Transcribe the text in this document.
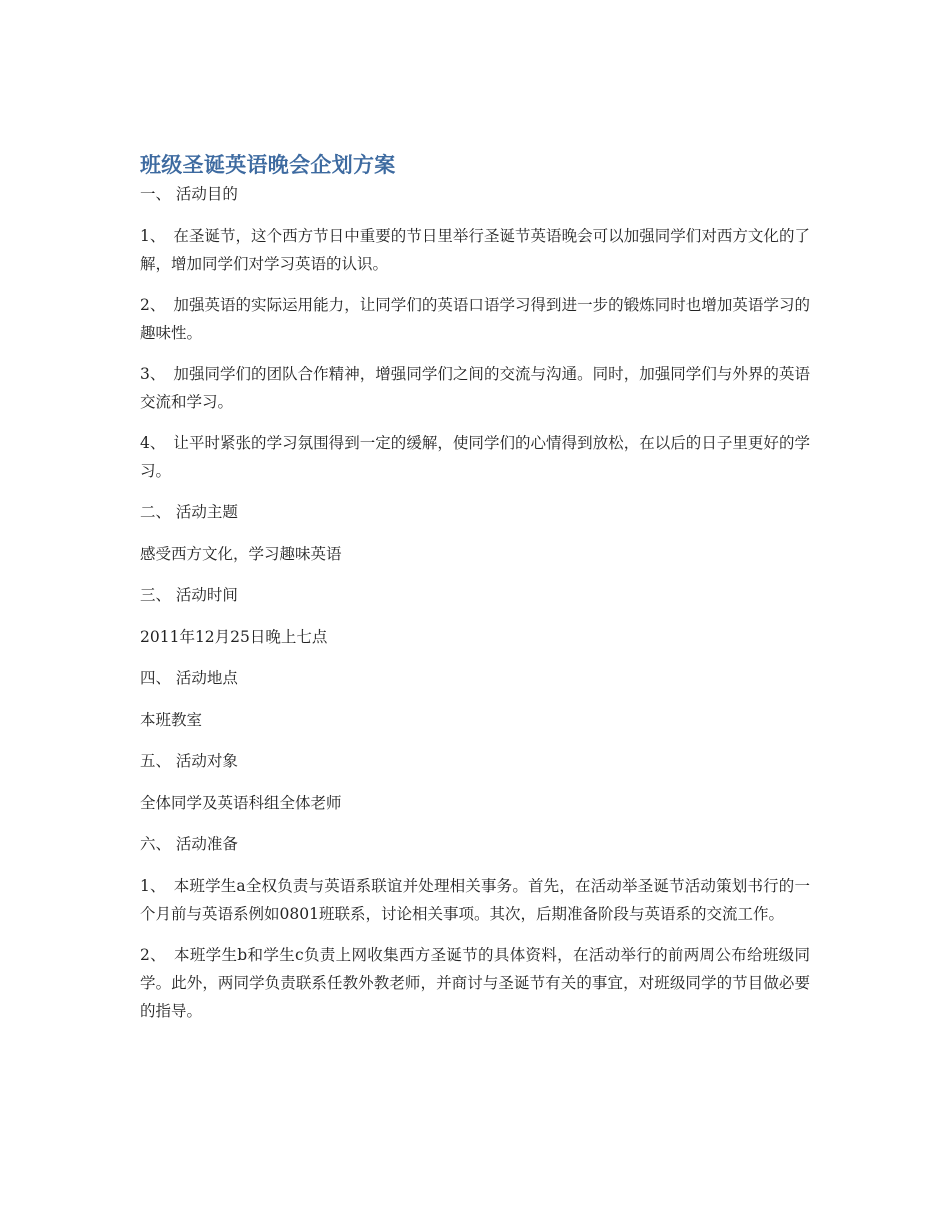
班级圣诞英语晚会企划方案

一、 活动目的

1、 在圣诞节，这个西方节日中重要的节日里举行圣诞节英语晚会可以加强同学们对西方文化的了解，增加同学们对学习英语的认识。

2、 加强英语的实际运用能力，让同学们的英语口语学习得到进一步的锻炼同时也增加英语学习的趣味性。

3、 加强同学们的团队合作精神，增强同学们之间的交流与沟通。同时，加强同学们与外界的英语交流和学习。

4、 让平时紧张的学习氛围得到一定的缓解，使同学们的心情得到放松，在以后的日子里更好的学习。

二、 活动主题

感受西方文化，学习趣味英语

三、 活动时间

2011年12月25日晚上七点

四、 活动地点

本班教室

五、 活动对象

全体同学及英语科组全体老师

六、 活动准备

1、 本班学生a全权负责与英语系联谊并处理相关事务。首先，在活动举圣诞节活动策划书行的一个月前与英语系例如0801班联系，讨论相关事项。其次，后期准备阶段与英语系的交流工作。

2、 本班学生b和学生c负责上网收集西方圣诞节的具体资料，在活动举行的前两周公布给班级同学。此外，两同学负责联系任教外教老师，并商讨与圣诞节有关的事宜，对班级同学的节目做必要的指导。
